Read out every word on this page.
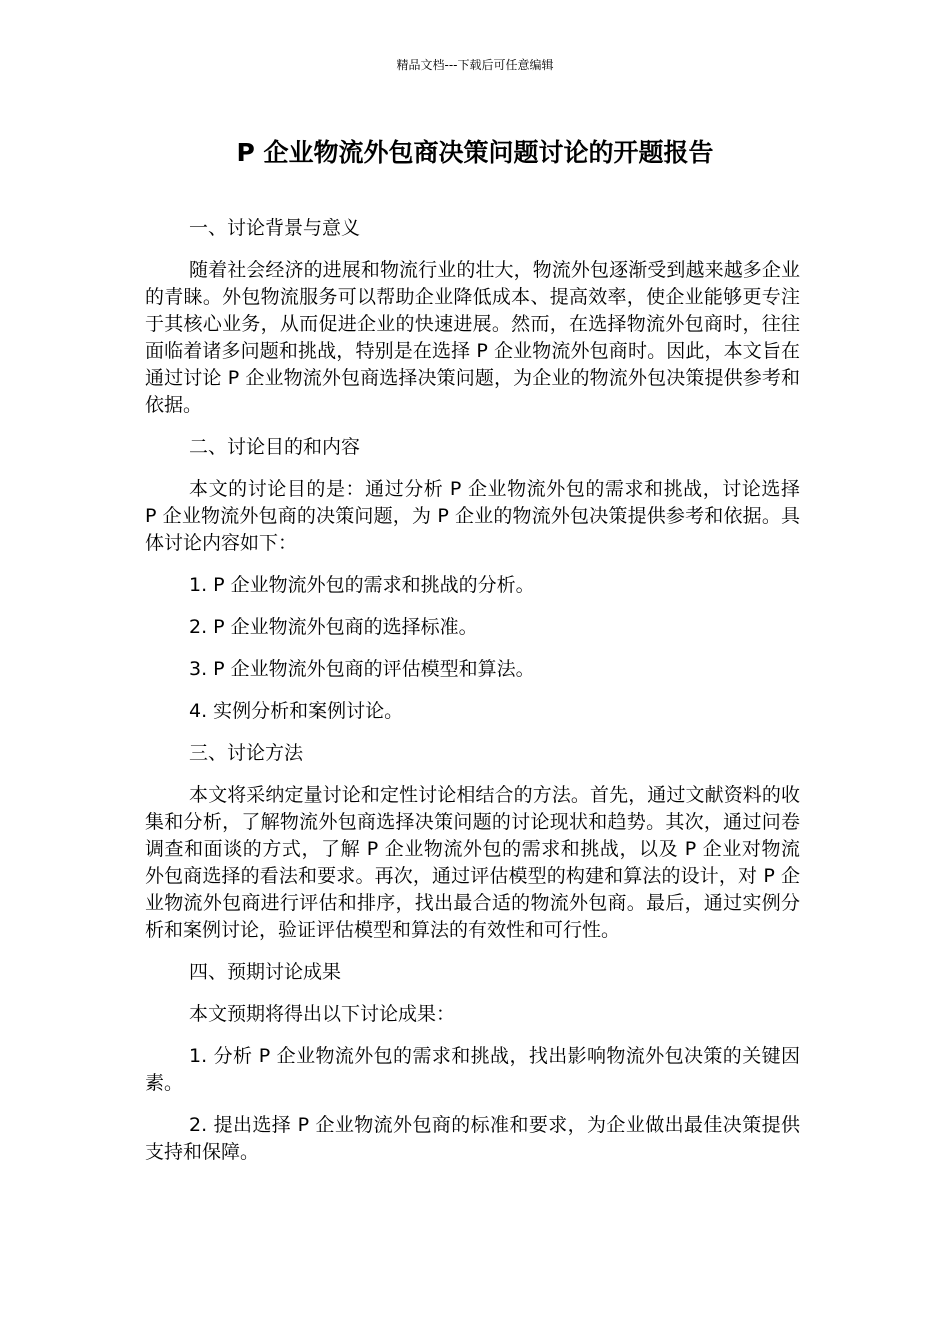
精品文档---下载后可任意编辑
P 企业物流外包商决策问题讨论的开题报告

一、讨论背景与意义

随着社会经济的进展和物流行业的壮大，物流外包逐渐受到越来越多企业的青睐。外包物流服务可以帮助企业降低成本、提高效率，使企业能够更专注于其核心业务，从而促进企业的快速进展。然而，在选择物流外包商时，往往面临着诸多问题和挑战，特别是在选择 P 企业物流外包商时。因此，本文旨在通过讨论 P 企业物流外包商选择决策问题，为企业的物流外包决策提供参考和依据。

二、讨论目的和内容

本文的讨论目的是：通过分析 P 企业物流外包的需求和挑战，讨论选择 P 企业物流外包商的决策问题，为 P 企业的物流外包决策提供参考和依据。具体讨论内容如下：

1. P 企业物流外包的需求和挑战的分析。

2. P 企业物流外包商的选择标准。

3. P 企业物流外包商的评估模型和算法。

4. 实例分析和案例讨论。

三、讨论方法

本文将采纳定量讨论和定性讨论相结合的方法。首先，通过文献资料的收集和分析，了解物流外包商选择决策问题的讨论现状和趋势。其次，通过问卷调查和面谈的方式，了解 P 企业物流外包的需求和挑战，以及 P 企业对物流外包商选择的看法和要求。再次，通过评估模型的构建和算法的设计，对 P 企业物流外包商进行评估和排序，找出最合适的物流外包商。最后，通过实例分析和案例讨论，验证评估模型和算法的有效性和可行性。

四、预期讨论成果

本文预期将得出以下讨论成果：

1. 分析 P 企业物流外包的需求和挑战，找出影响物流外包决策的关键因素。

2. 提出选择 P 企业物流外包商的标准和要求，为企业做出最佳决策提供支持和保障。
